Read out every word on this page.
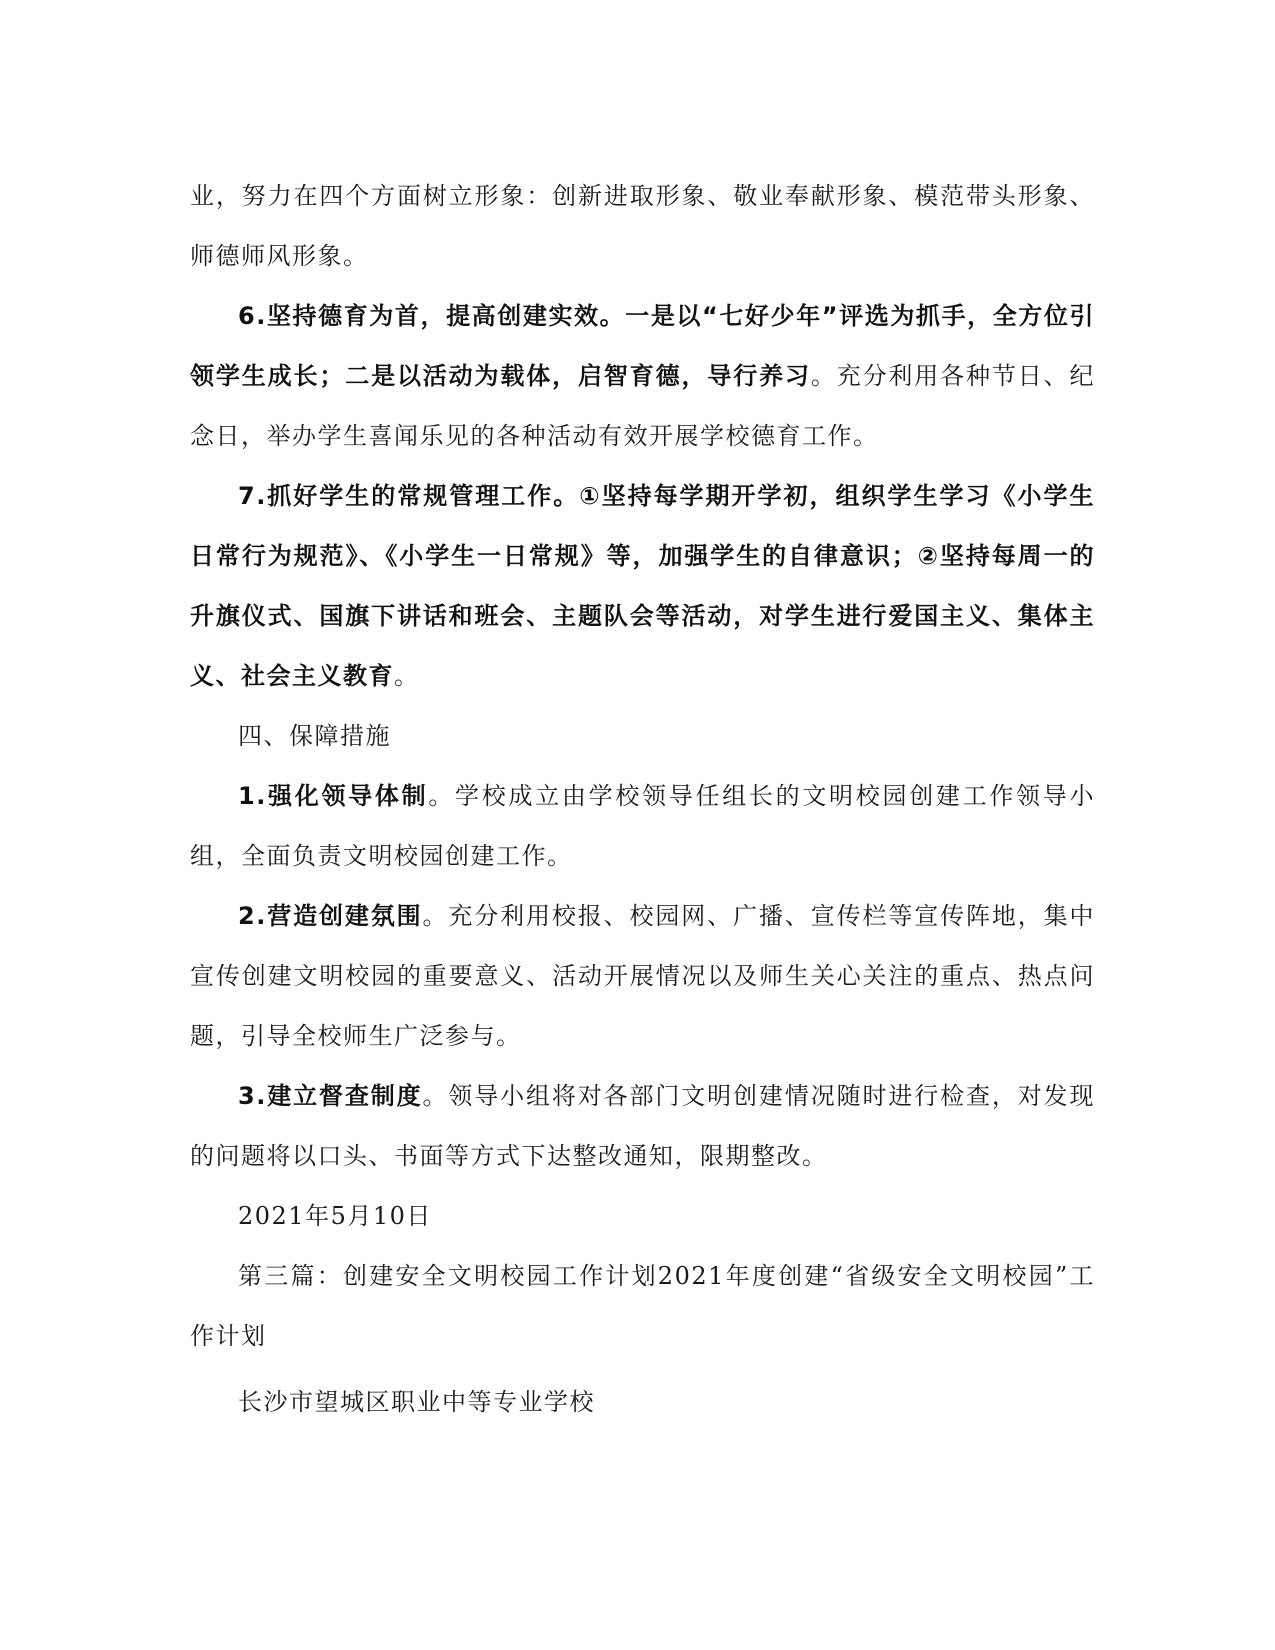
业，努力在四个方面树立形象：创新进取形象、敬业奉献形象、模范带头形象、师德师风形象。

6.坚持德育为首，提高创建实效。一是以“七好少年”评选为抓手，全方位引领学生成长；二是以活动为载体，启智育德，导行养习。充分利用各种节日、纪念日，举办学生喜闻乐见的各种活动有效开展学校德育工作。

7.抓好学生的常规管理工作。①坚持每学期开学初，组织学生学习《小学生日常行为规范》、《小学生一日常规》等，加强学生的自律意识；②坚持每周一的升旗仪式、国旗下讲话和班会、主题队会等活动，对学生进行爱国主义、集体主义、社会主义教育。

四、保障措施

1.强化领导体制。学校成立由学校领导任组长的文明校园创建工作领导小组，全面负责文明校园创建工作。

2.营造创建氛围。充分利用校报、校园网、广播、宣传栏等宣传阵地，集中宣传创建文明校园的重要意义、活动开展情况以及师生关心关注的重点、热点问题，引导全校师生广泛参与。

3.建立督查制度。领导小组将对各部门文明创建情况随时进行检查，对发现的问题将以口头、书面等方式下达整改通知，限期整改。

2021年5月10日

第三篇：创建安全文明校园工作计划2021年度创建“省级安全文明校园”工作计划

长沙市望城区职业中等专业学校
